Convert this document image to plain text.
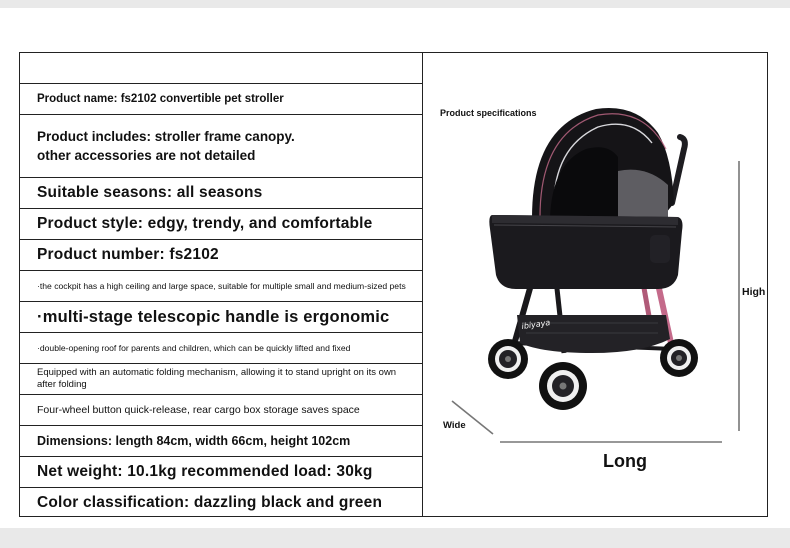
Product name: fs2102 convertible pet stroller
Product includes: stroller frame canopy. other accessories are not detailed
Suitable seasons: all seasons
Product style: edgy, trendy, and comfortable
Product number: fs2102
·the cockpit has a high ceiling and large space, suitable for multiple small and medium-sized pets
·multi-stage telescopic handle is ergonomic
·double-opening roof for parents and children, which can be quickly lifted and fixed
Equipped with an automatic folding mechanism, allowing it to stand upright on its own after folding
Four-wheel button quick-release, rear cargo box storage saves space
Dimensions: length 84cm, width 66cm, height 102cm
Net weight: 10.1kg recommended load: 30kg
Color classification: dazzling black and green
Product specifications
High
Wide
Long
ibiyaya
